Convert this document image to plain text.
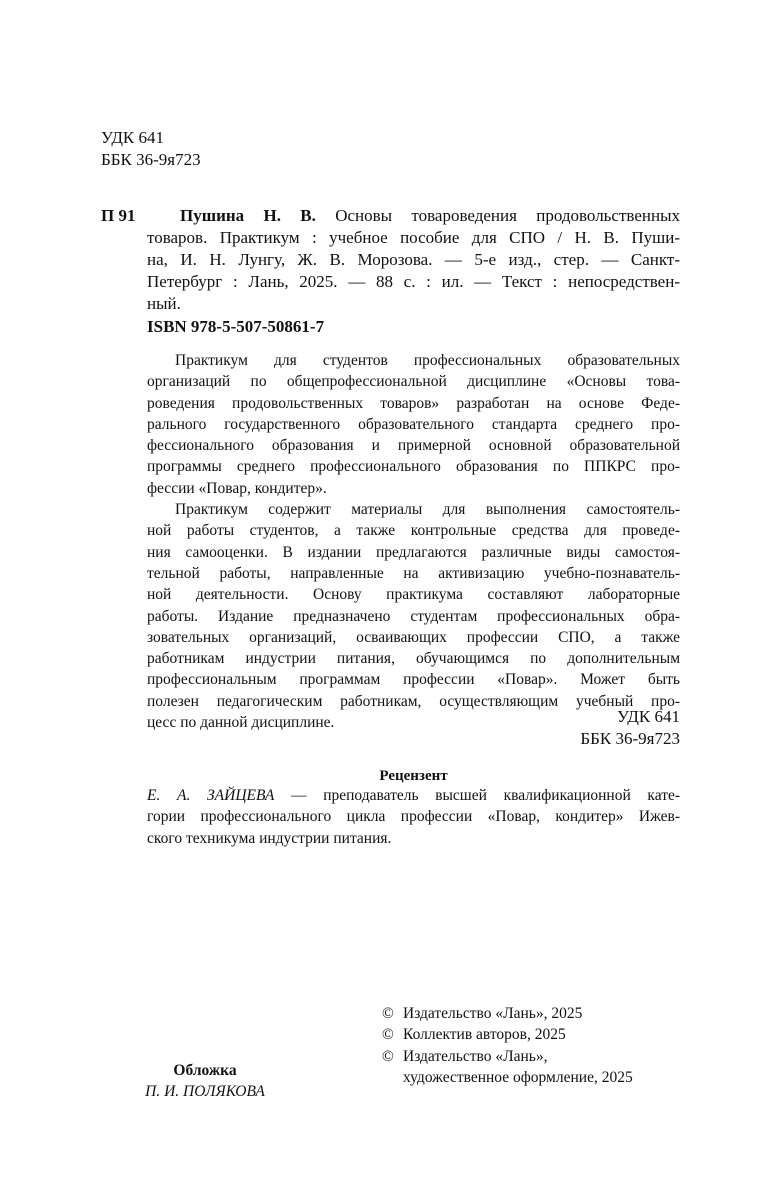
УДК 641
ББК 36-9я723
П 91	Пушина Н. В. Основы товароведения продовольственных
товаров. Практикум : учебное пособие для СПО / Н. В. Пуши-
на, И. Н. Лунгу, Ж. В. Морозова. — 5-е изд., стер. — Санкт-
Петербург : Лань, 2025. — 88 с. : ил. — Текст : непосредствен-
ный.
ISBN 978-5-507-50861-7
Практикум для студентов профессиональных образовательных
организаций по общепрофессиональной дисциплине «Основы това-
роведения продовольственных товаров» разработан на основе Феде-
рального государственного образовательного стандарта среднего про-
фессионального образования и примерной основной образовательной
программы среднего профессионального образования по ППКРС про-
фессии «Повар, кондитер».
Практикум содержит материалы для выполнения самостоятель-
ной работы студентов, а также контрольные средства для проведе-
ния самооценки. В издании предлагаются различные виды самостоя-
тельной работы, направленные на активизацию учебно-познаватель-
ной деятельности. Основу практикума составляют лабораторные
работы. Издание предназначено студентам профессиональных обра-
зовательных организаций, осваивающих профессии СПО, а также
работникам индустрии питания, обучающимся по дополнительным
профессиональным программам профессии «Повар». Может быть
полезен педагогическим работникам, осуществляющим учебный про-
цесс по данной дисциплине.	УДК 641
ББК 36-9я723
Рецензент
Е. А. ЗАЙЦЕВА — преподаватель высшей квалификационной кате-
гории профессионального цикла профессии «Повар, кондитер» Ижев-
ского техникума индустрии питания.
© Издательство «Лань», 2025
© Коллектив авторов, 2025
© Издательство «Лань»,
художественное оформление, 2025
Обложка
П. И. ПОЛЯКОВА
